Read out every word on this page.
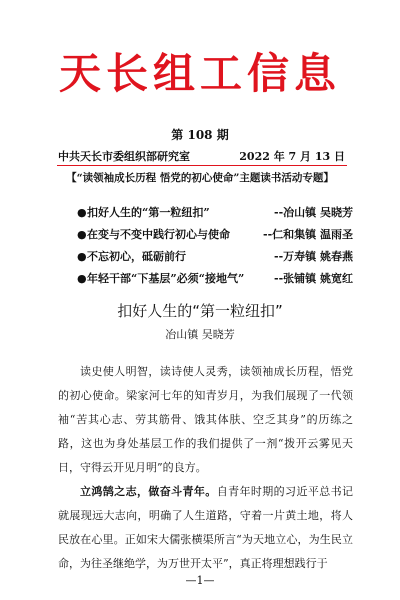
天长组工信息
第 108 期
中共天长市委组织部研究室	2022 年 7 月 13 日
【“读领袖成长历程 悟党的初心使命”主题读书活动专题】
●扣好人生的“第一粒纽扣”	--冶山镇 吴晓芳
●在变与不变中践行初心与使命	--仁和集镇 温雨圣
●不忘初心，砥砺前行	--万寿镇 姚春燕
●年轻干部“下基层”必须“接地气”	--张铺镇 姚宽红
扣好人生的“第一粒纽扣”
冶山镇 吴晓芳
读史使人明智，读诗使人灵秀，读领袖成长历程，悟党的初心使命。梁家河七年的知青岁月，为我们展现了一代领袖“苦其心志、劳其筋骨、饿其体肤、空乏其身”的历练之路，这也为身处基层工作的我们提供了一剂“拨开云雾见天日，守得云开见月明”的良方。
立鸿鹄之志，做奋斗青年。自青年时期的习近平总书记就展现远大志向，明确了人生道路，守着一片黄土地，将人民放在心里。正如宋大儒张横渠所言“为天地立心，为生民立命，为往圣继绝学，为万世开太平”，真正将理想践行于
—1—
